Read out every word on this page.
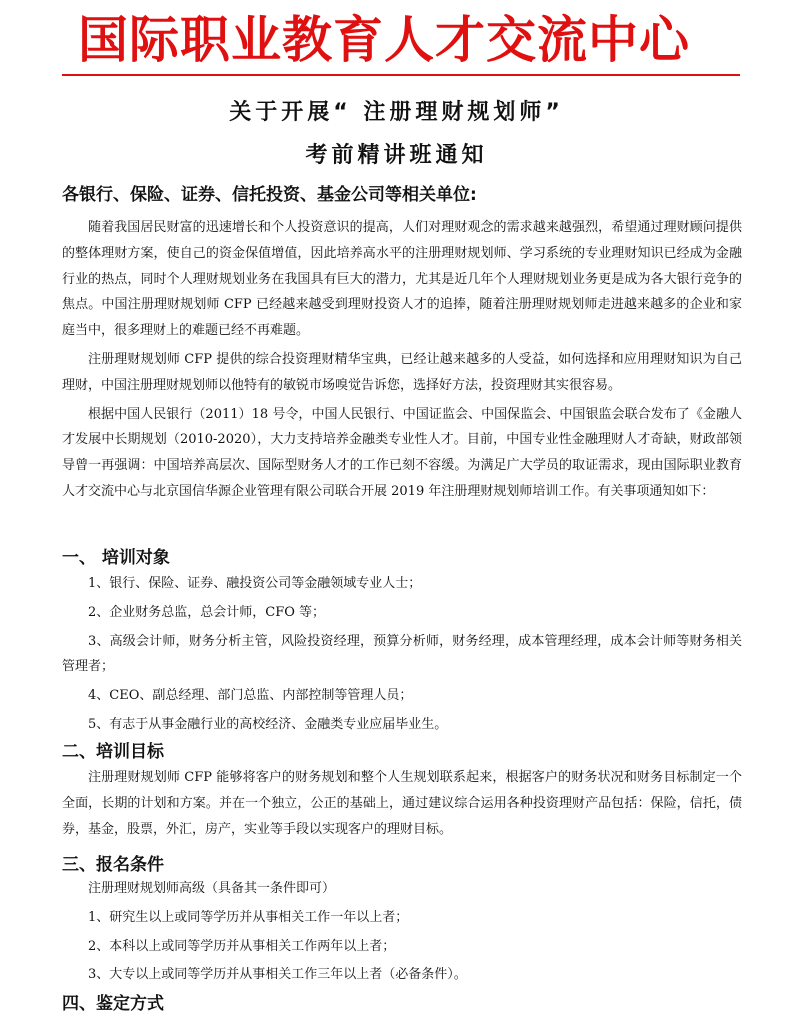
国际职业教育人才交流中心
关于开展“ 注册理财规划师”
考前精讲班通知
各银行、保险、证券、信托投资、基金公司等相关单位:

随着我国居民财富的迅速增长和个人投资意识的提高，人们对理财观念的需求越来越强烈，希望通过理财顾问提供的整体理财方案，使自己的资金保值增值，因此培养高水平的注册理财规划师、学习系统的专业理财知识已经成为金融行业的热点，同时个人理财规划业务在我国具有巨大的潜力，尤其是近几年个人理财规划业务更是成为各大银行竞争的焦点。中国注册理财规划师 CFP 已经越来越受到理财投资人才的追捧，随着注册理财规划师走进越来越多的企业和家庭当中，很多理财上的难题已经不再难题。

注册理财规划师 CFP 提供的综合投资理财精华宝典，已经让越来越多的人受益，如何选择和应用理财知识为自己理财，中国注册理财规划师以他特有的敏锐市场嗅觉告诉您，选择好方法，投资理财其实很容易。

根据中国人民银行（2011）18 号令，中国人民银行、中国证监会、中国保监会、中国银监会联合发布了《金融人才发展中长期规划（2010-2020），大力支持培养金融类专业性人才。目前，中国专业性金融理财人才奇缺，财政部领导曾一再强调：中国培养高层次、国际型财务人才的工作已刻不容缓。为满足广大学员的取证需求，现由国际职业教育人才交流中心与北京国信华源企业管理有限公司联合开展 2019 年注册理财规划师培训工作。有关事项通知如下：

一、 培训对象

1、银行、保险、证券、融投资公司等金融领域专业人士；

2、企业财务总监，总会计师，CFO 等；

3、高级会计师，财务分析主管，风险投资经理，预算分析师，财务经理，成本管理经理，成本会计师等财务相关管理者；

4、CEO、副总经理、部门总监、内部控制等管理人员；

5、有志于从事金融行业的高校经济、金融类专业应届毕业生。

二、培训目标

注册理财规划师 CFP 能够将客户的财务规划和整个人生规划联系起来，根据客户的财务状况和财务目标制定一个全面，长期的计划和方案。并在一个独立，公正的基础上，通过建议综合运用各种投资理财产品包括：保险，信托，债券，基金，股票，外汇，房产，实业等手段以实现客户的理财目标。

三、报名条件

注册理财规划师高级（具备其一条件即可）

1、研究生以上或同等学历并从事相关工作一年以上者；

2、本科以上或同等学历并从事相关工作两年以上者；

3、大专以上或同等学历并从事相关工作三年以上者（必备条件）。

四、鉴定方式
